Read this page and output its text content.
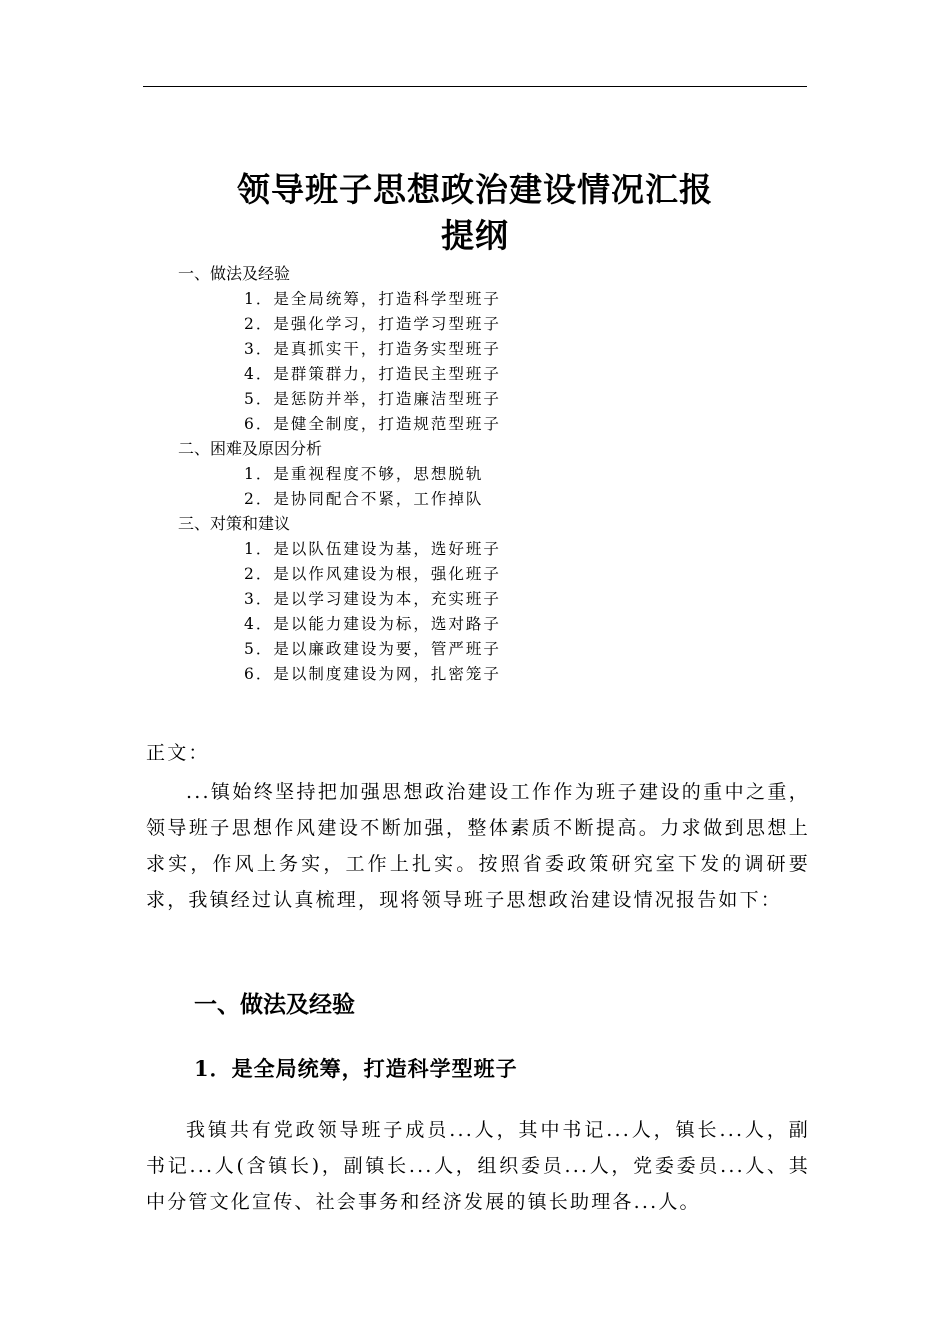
领导班子思想政治建设情况汇报
提纲
一、做法及经验
1．是全局统筹，打造科学型班子
2．是强化学习，打造学习型班子
3．是真抓实干，打造务实型班子
4．是群策群力，打造民主型班子
5．是惩防并举，打造廉洁型班子
6．是健全制度，打造规范型班子
二、困难及原因分析
1．是重视程度不够，思想脱轨
2．是协同配合不紧，工作掉队
三、对策和建议
1．是以队伍建设为基，选好班子
2．是以作风建设为根，强化班子
3．是以学习建设为本，充实班子
4．是以能力建设为标，选对路子
5．是以廉政建设为要，管严班子
6．是以制度建设为网，扎密笼子
正文：
...镇始终坚持把加强思想政治建设工作作为班子建设的重中之重，领导班子思想作风建设不断加强，整体素质不断提高。力求做到思想上求实，作风上务实，工作上扎实。按照省委政策研究室下发的调研要求，我镇经过认真梳理，现将领导班子思想政治建设情况报告如下：
一、做法及经验
1．是全局统筹，打造科学型班子
我镇共有党政领导班子成员...人，其中书记...人，镇长...人，副书记...人(含镇长)，副镇长...人，组织委员...人，党委委员...人、其中分管文化宣传、社会事务和经济发展的镇长助理各...人。
